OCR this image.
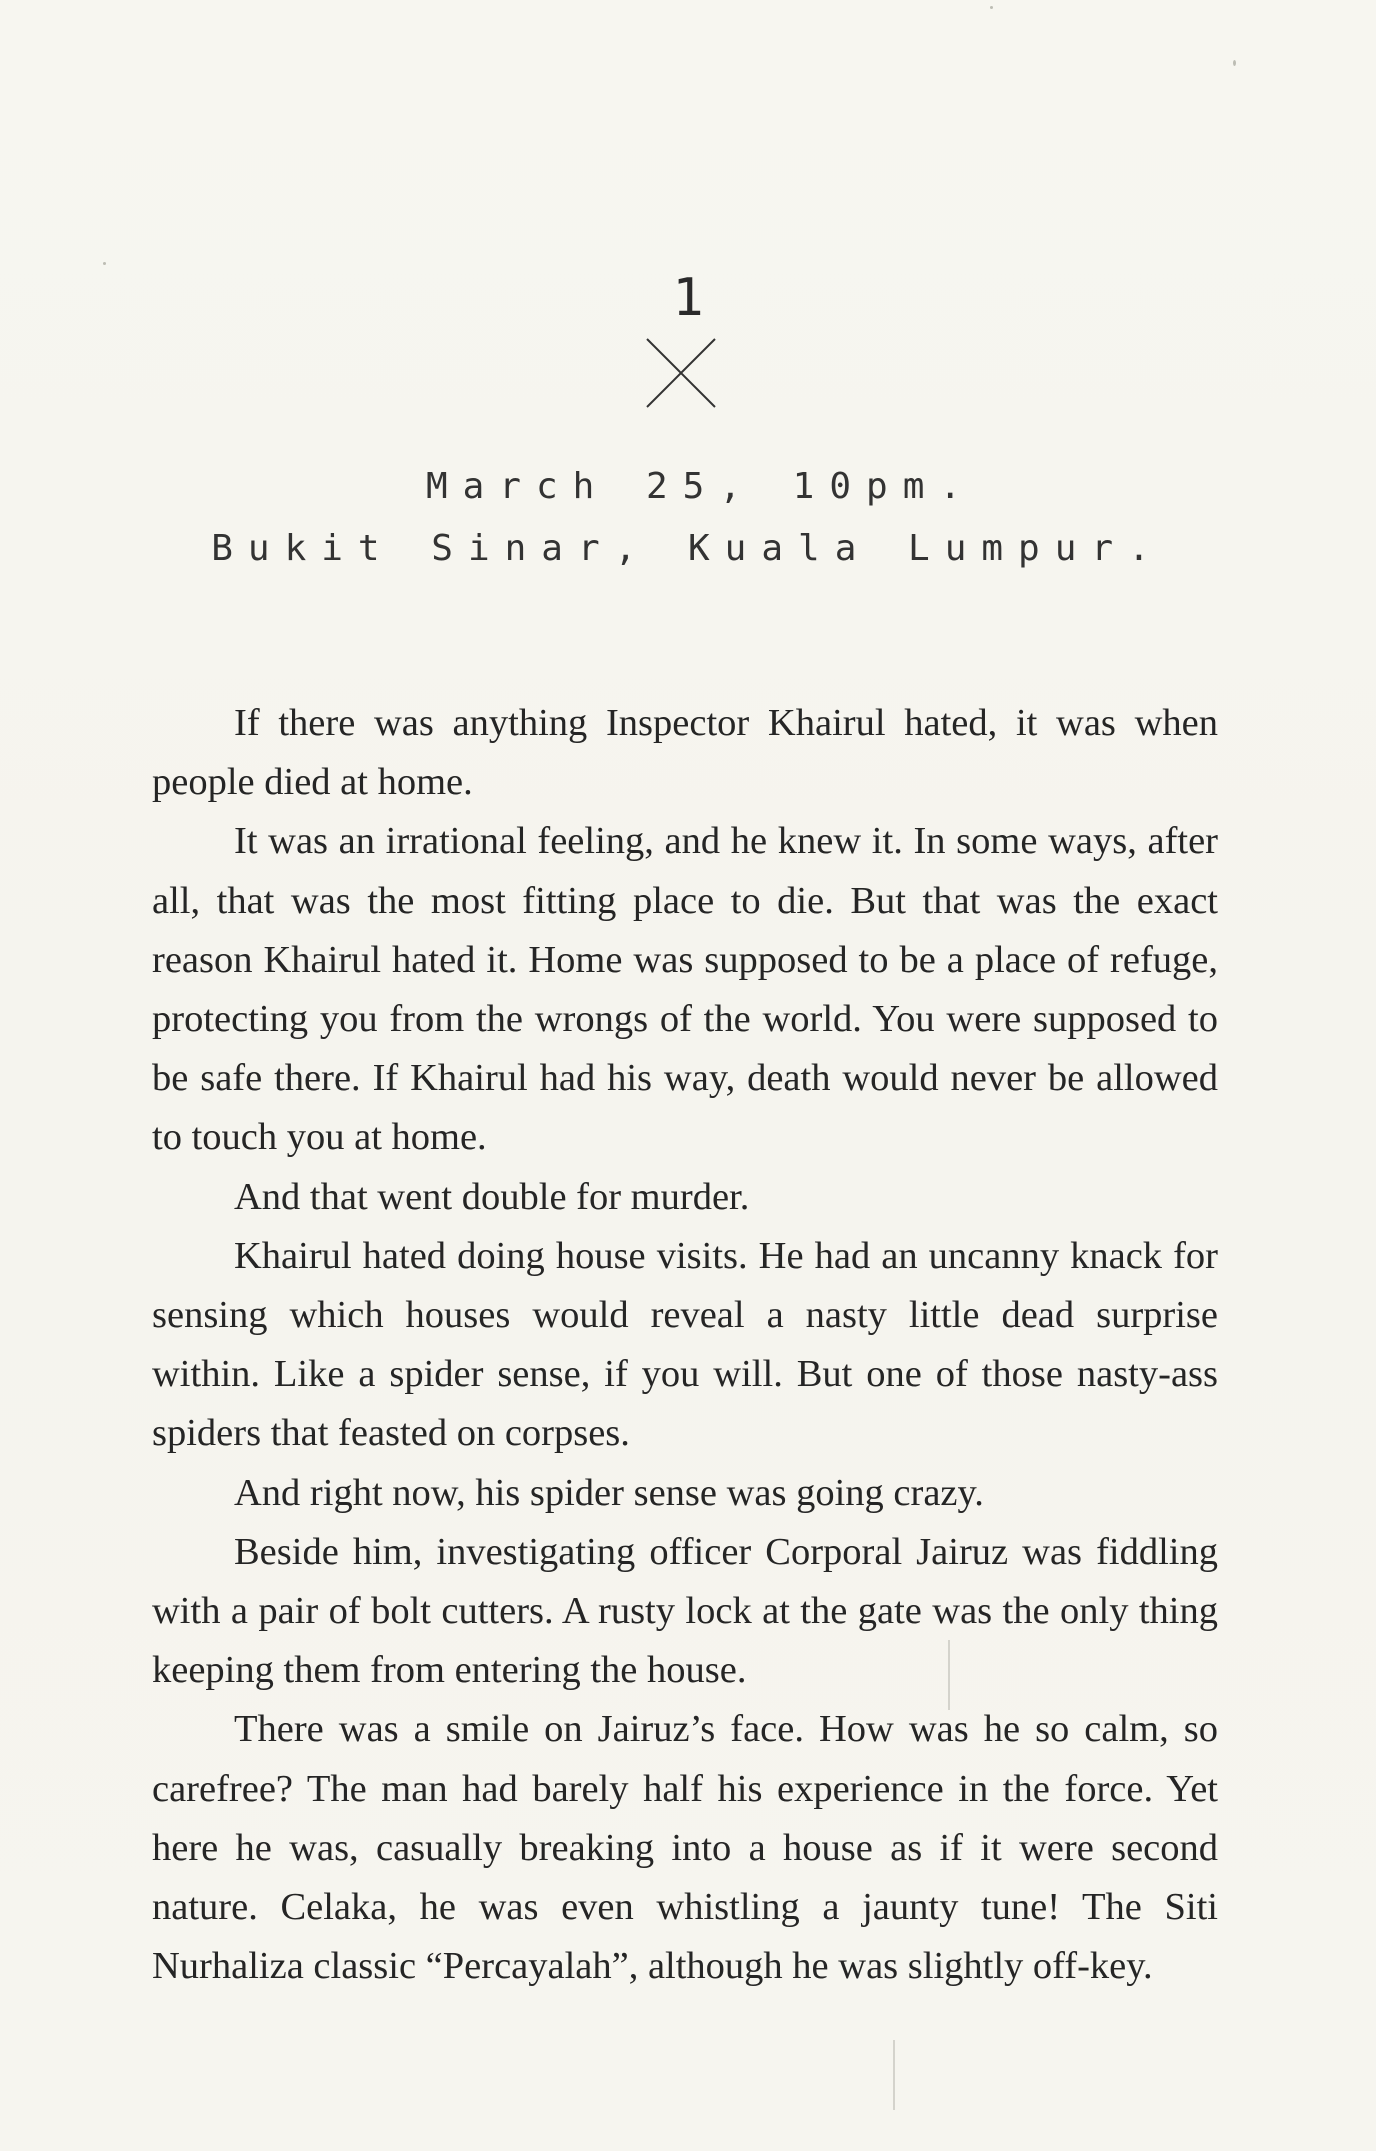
1
March 25, 10pm.
Bukit Sinar, Kuala Lumpur.

If there was anything Inspector Khairul hated, it was when people died at home.

It was an irrational feeling, and he knew it. In some ways, after all, that was the most fitting place to die. But that was the exact reason Khairul hated it. Home was supposed to be a place of refuge, protecting you from the wrongs of the world. You were supposed to be safe there. If Khairul had his way, death would never be allowed to touch you at home.

And that went double for murder.

Khairul hated doing house visits. He had an uncanny knack for sensing which houses would reveal a nasty little dead surprise within. Like a spider sense, if you will. But one of those nasty-ass spiders that feasted on corpses.

And right now, his spider sense was going crazy.

Beside him, investigating officer Corporal Jairuz was fiddling with a pair of bolt cutters. A rusty lock at the gate was the only thing keeping them from entering the house.

There was a smile on Jairuz’s face. How was he so calm, so carefree? The man had barely half his experience in the force. Yet here he was, casually breaking into a house as if it were second nature. Celaka, he was even whistling a jaunty tune! The Siti Nurhaliza classic “Percayalah”, although he was slightly off-key.
